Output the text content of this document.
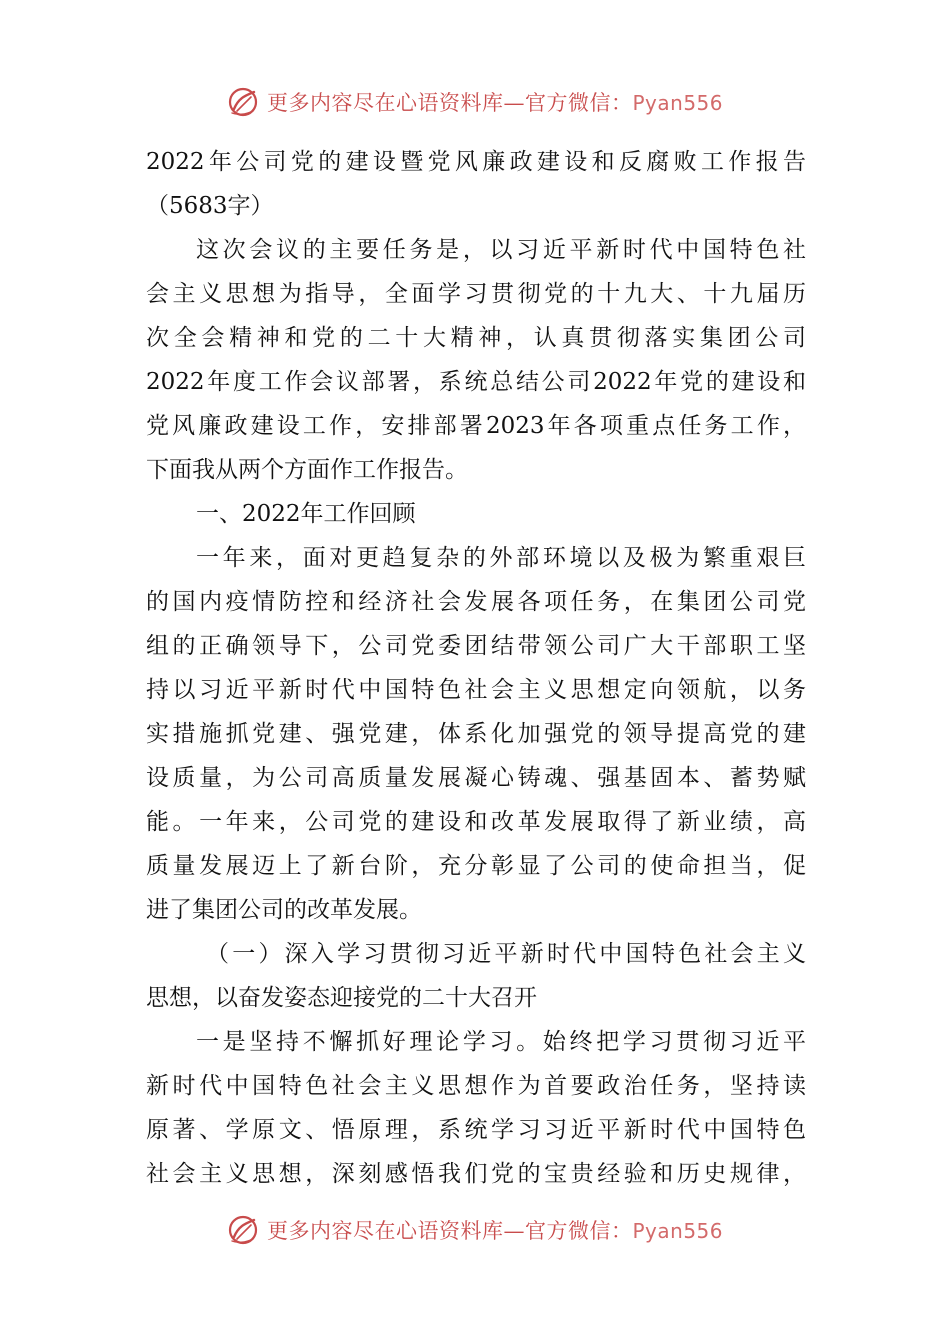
更多内容尽在心语资料库—官方微信：Pyan556
2022年公司党的建设暨党风廉政建设和反腐败工作报告
（5683字）
这次会议的主要任务是，以习近平新时代中国特色社
会主义思想为指导，全面学习贯彻党的十九大、十九届历
次全会精神和党的二十大精神，认真贯彻落实集团公司
2022年度工作会议部署，系统总结公司2022年党的建设和
党风廉政建设工作，安排部署2023年各项重点任务工作，
下面我从两个方面作工作报告。
一、2022年工作回顾
一年来，面对更趋复杂的外部环境以及极为繁重艰巨
的国内疫情防控和经济社会发展各项任务，在集团公司党
组的正确领导下，公司党委团结带领公司广大干部职工坚
持以习近平新时代中国特色社会主义思想定向领航，以务
实措施抓党建、强党建，体系化加强党的领导提高党的建
设质量，为公司高质量发展凝心铸魂、强基固本、蓄势赋
能。一年来，公司党的建设和改革发展取得了新业绩，高
质量发展迈上了新台阶，充分彰显了公司的使命担当，促
进了集团公司的改革发展。
（一）深入学习贯彻习近平新时代中国特色社会主义
思想，以奋发姿态迎接党的二十大召开
一是坚持不懈抓好理论学习。始终把学习贯彻习近平
新时代中国特色社会主义思想作为首要政治任务，坚持读
原著、学原文、悟原理，系统学习习近平新时代中国特色
社会主义思想，深刻感悟我们党的宝贵经验和历史规律，
更多内容尽在心语资料库—官方微信：Pyan556
